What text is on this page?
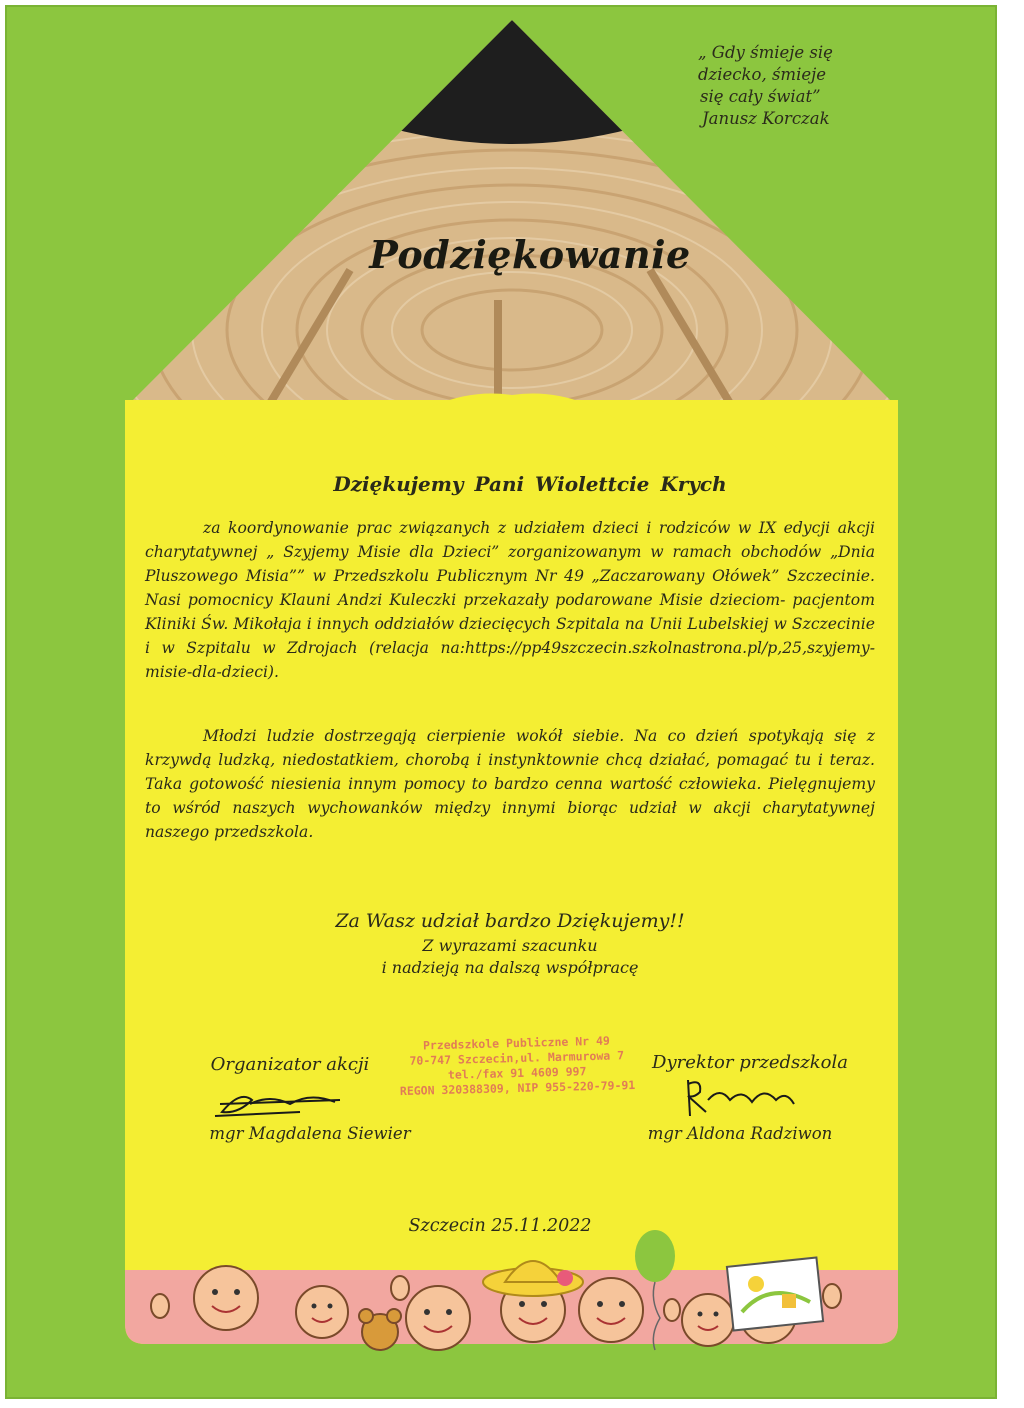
„ Gdy śmieje się
dziecko, śmieje
się cały świat”
Janusz Korczak
Podziękowanie
Dziękujemy Pani Wiolettcie Krych
za koordynowanie prac związanych z udziałem dzieci i rodziców w IX edycji akcji charytatywnej „ Szyjemy Misie dla Dzieci” zorganizowanym w ramach obchodów „Dnia Pluszowego Misia”” w Przedszkolu Publicznym Nr 49 „Zaczarowany Ołówek” Szczecinie. Nasi pomocnicy Klauni Andzi Kuleczki przekazały podarowane Misie dzieciom- pacjentom Kliniki Św. Mikołaja i innych oddziałów dziecięcych Szpitala na Unii Lubelskiej w Szczecinie i w Szpitalu w Zdrojach (relacja na:https://pp49szczecin.szkolnastrona.pl/p,25,szyjemy-misie-dla-dzieci).
Młodzi ludzie dostrzegają cierpienie wokół siebie. Na co dzień spotykają się z krzywdą ludzką, niedostatkiem, chorobą i instynktownie chcą działać, pomagać tu i teraz. Taka gotowość niesienia innym pomocy to bardzo cenna wartość człowieka. Pielęgnujemy to wśród naszych wychowanków między innymi biorąc udział w akcji charytatywnej naszego przedszkola.
Za Wasz udział bardzo Dziękujemy!!
Z wyrazami szacunku
i nadzieją na dalszą współpracę
Przedszkole Publiczne Nr 49
70-747 Szczecin,ul. Marmurowa 7
tel./fax 91 4609 997
REGON 320388309, NIP 955-220-79-91
Organizator akcji
mgr Magdalena Siewier
Dyrektor przedszkola
mgr Aldona Radziwon
Szczecin 25.11.2022
